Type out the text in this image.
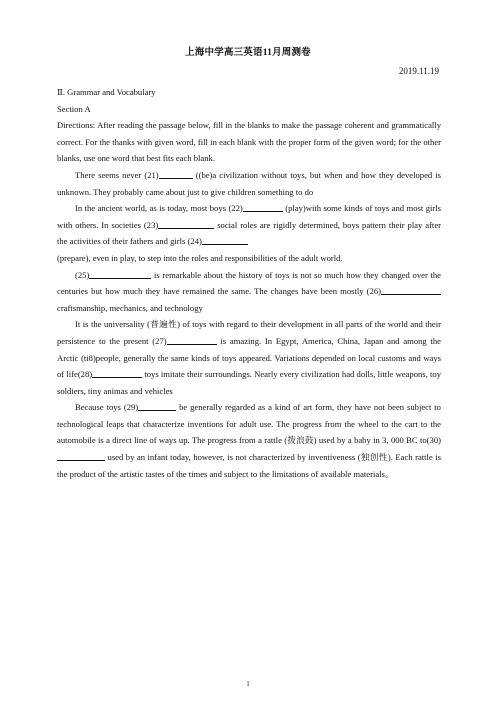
上海中学高三英语11月周测卷
2019.11.19

Ⅱ. Grammar and Vocabulary

Section A

Directions: After reading the passage below, fill in the blanks to make the passage coherent and grammatically correct. For the thanks with given word, fill in each blank with the proper form of the given word; for the other blanks, use one word that best fits each blank.

There seems never (21)	((be)a civilization without toys, but when and how they developed is unknown. They probably came about just to give children something to do

In the ancient world, as is today, most boys (22)	(play)with some kinds of toys and most girls with others. In societies (23)	social roles are rigidly determined, boys pattern their play after the activities of their fathers and girls (24)
(prepare), even in play, to step into the roles and responsibilities of the adult world.

(25)	is remarkable about the history of toys is not so much how they changed over the centuries but how much they have remained the same. The changes have been mostly (26) craftsmanship, mechanics, and technology

It is the universality (普遍性) of toys with regard to their development in all parts of the world and their persistence to the present (27)	is amazing. In Egypt, America, China, Japan and among the Arctic (ti8)people, generally the same kinds of toys appeared. Variations depended on local customs and ways of life(28)	toys imitate their surroundings. Nearly every civilization had dolls, little weapons, toy soldiers, tiny animas and vehicles

Because toys (29)	be generally regarded as a kind of art form, they have not been subject to technological leaps that characterize inventions for adult use. The progress from the wheel to the cart to the automobile is a direct line of ways up. The progress from a rattle (拨浪鼓) used by a baby in 3, 000 BC to(30) used by an infant today, however, is not characterized by inventiveness (独创性). Each rattle is the product of the artistic tastes of the times and subject to the limitations of available materials。

1
